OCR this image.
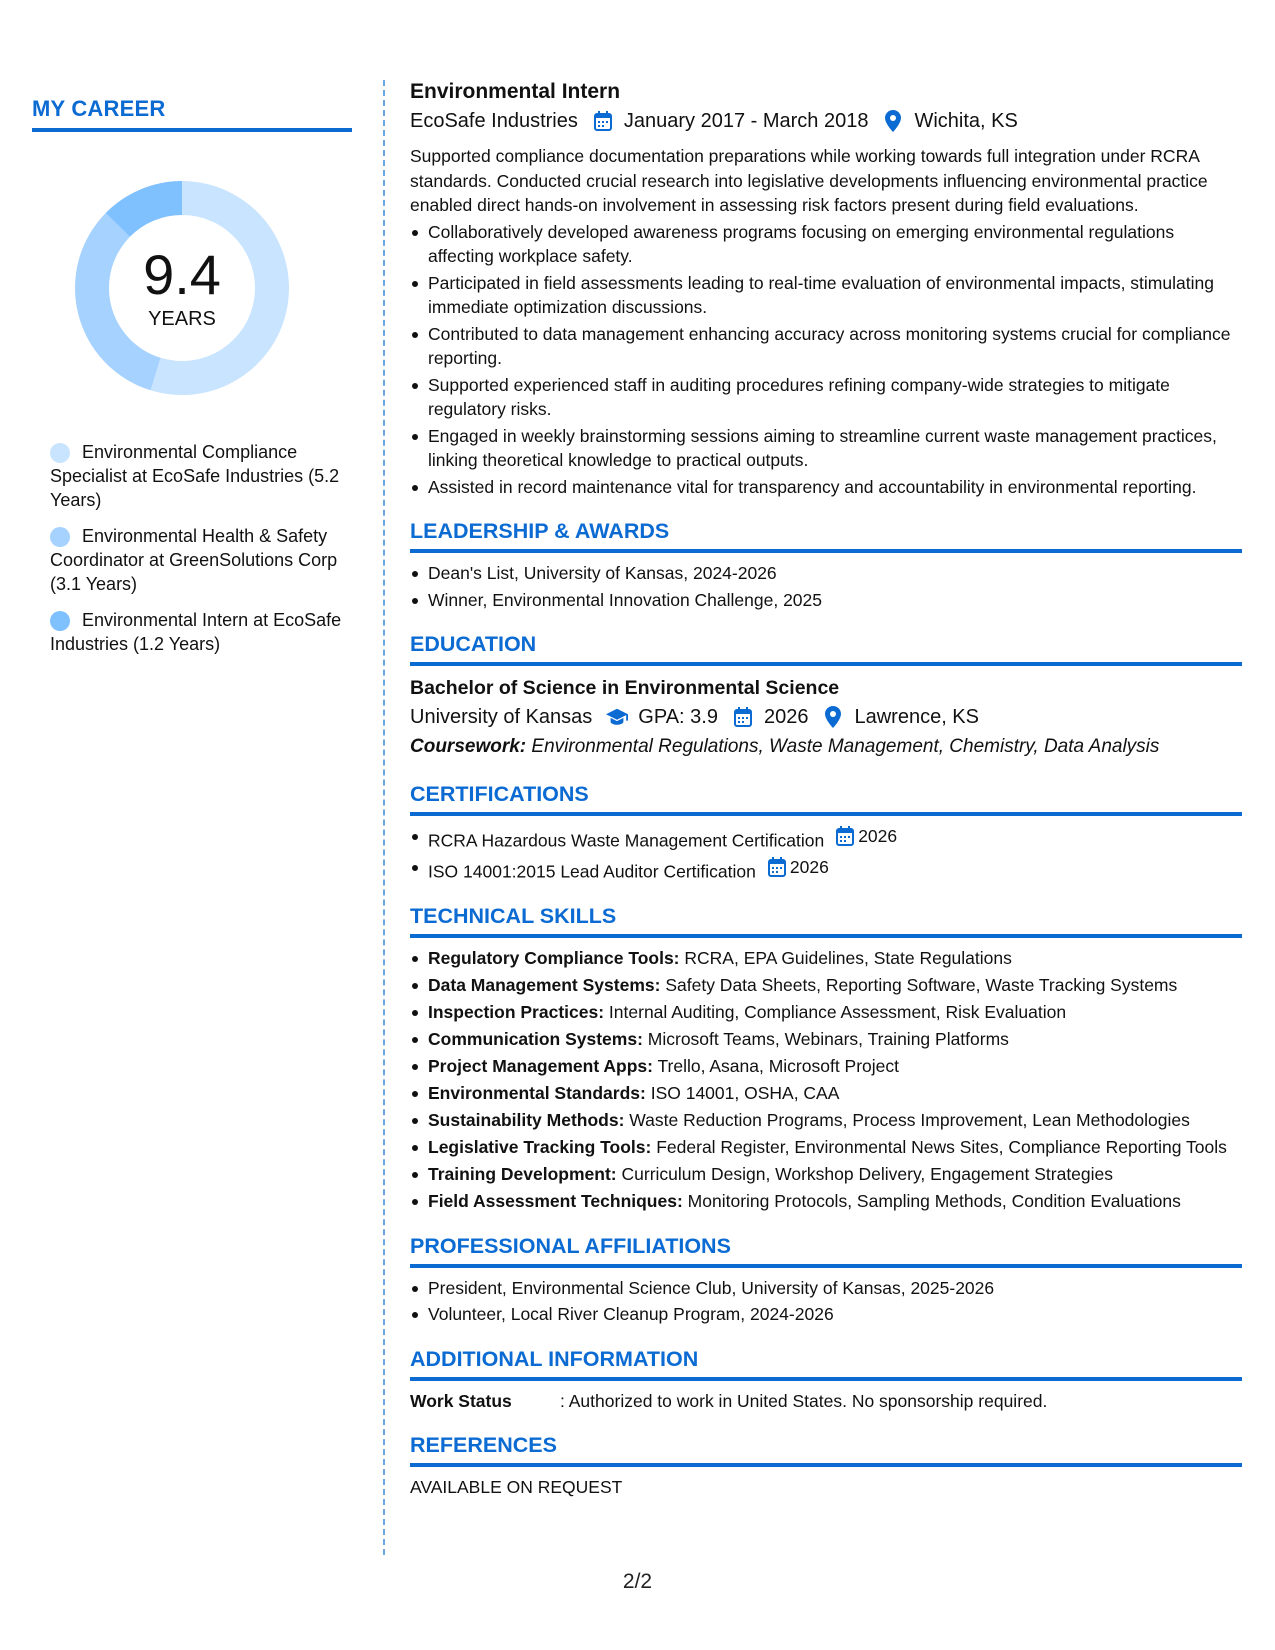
MY CAREER
9.4
YEARS
Environmental Compliance Specialist at EcoSafe Industries (5.2 Years)
Environmental Health & Safety Coordinator at GreenSolutions Corp (3.1 Years)
Environmental Intern at EcoSafe Industries (1.2 Years)
Environmental Intern
EcoSafe Industries January 2017 - March 2018 Wichita, KS
Supported compliance documentation preparations while working towards full integration under RCRA standards. Conducted crucial research into legislative developments influencing environmental practice enabled direct hands-on involvement in assessing risk factors present during field evaluations.
Collaboratively developed awareness programs focusing on emerging environmental regulations affecting workplace safety.
Participated in field assessments leading to real-time evaluation of environmental impacts, stimulating immediate optimization discussions.
Contributed to data management enhancing accuracy across monitoring systems crucial for compliance reporting.
Supported experienced staff in auditing procedures refining company-wide strategies to mitigate regulatory risks.
Engaged in weekly brainstorming sessions aiming to streamline current waste management practices, linking theoretical knowledge to practical outputs.
Assisted in record maintenance vital for transparency and accountability in environmental reporting.
LEADERSHIP & AWARDS
Dean's List, University of Kansas, 2024-2026
Winner, Environmental Innovation Challenge, 2025
EDUCATION
Bachelor of Science in Environmental Science
University of Kansas GPA: 3.9 2026 Lawrence, KS
Coursework: Environmental Regulations, Waste Management, Chemistry, Data Analysis
CERTIFICATIONS
RCRA Hazardous Waste Management Certification 2026
ISO 14001:2015 Lead Auditor Certification 2026
TECHNICAL SKILLS
Regulatory Compliance Tools: RCRA, EPA Guidelines, State Regulations
Data Management Systems: Safety Data Sheets, Reporting Software, Waste Tracking Systems
Inspection Practices: Internal Auditing, Compliance Assessment, Risk Evaluation
Communication Systems: Microsoft Teams, Webinars, Training Platforms
Project Management Apps: Trello, Asana, Microsoft Project
Environmental Standards: ISO 14001, OSHA, CAA
Sustainability Methods: Waste Reduction Programs, Process Improvement, Lean Methodologies
Legislative Tracking Tools: Federal Register, Environmental News Sites, Compliance Reporting Tools
Training Development: Curriculum Design, Workshop Delivery, Engagement Strategies
Field Assessment Techniques: Monitoring Protocols, Sampling Methods, Condition Evaluations
PROFESSIONAL AFFILIATIONS
President, Environmental Science Club, University of Kansas, 2025-2026
Volunteer, Local River Cleanup Program, 2024-2026
ADDITIONAL INFORMATION
Work Status	: Authorized to work in United States. No sponsorship required.
REFERENCES
AVAILABLE ON REQUEST
2/2
